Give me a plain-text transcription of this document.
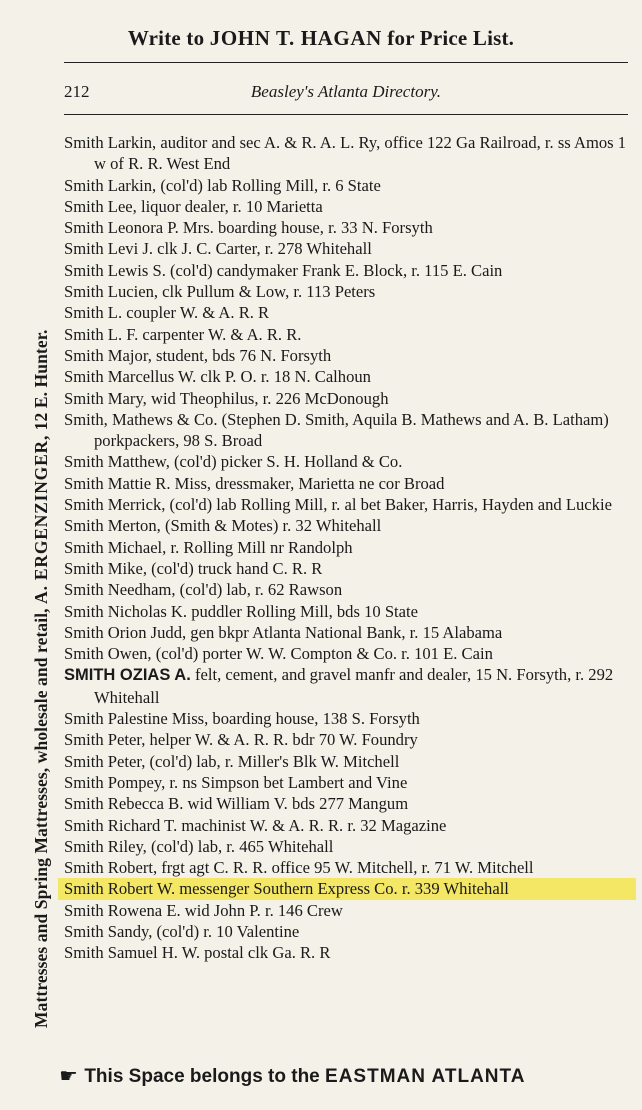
Write to JOHN T. HAGAN for Price List.
212	Beasley's Atlanta Directory.
Mattresses and Spring Mattresses, wholesale and retail, A. ERGENZINGER, 12 E. Hunter.
Smith Larkin, auditor and sec A. & R. A. L. Ry, office 122 Ga Railroad, r. ss Amos 1 w of R. R. West End
Smith Larkin, (col'd) lab Rolling Mill, r. 6 State
Smith Lee, liquor dealer, r. 10 Marietta
Smith Leonora P. Mrs. boarding house, r. 33 N. Forsyth
Smith Levi J. clk J. C. Carter, r. 278 Whitehall
Smith Lewis S. (col'd) candymaker Frank E. Block, r. 115 E. Cain
Smith Lucien, clk Pullum & Low, r. 113 Peters
Smith L. coupler W. & A. R. R
Smith L. F. carpenter W. & A. R. R.
Smith Major, student, bds 76 N. Forsyth
Smith Marcellus W. clk P. O. r. 18 N. Calhoun
Smith Mary, wid Theophilus, r. 226 McDonough
Smith, Mathews & Co. (Stephen D. Smith, Aquila B. Mathews and A. B. Latham) porkpackers, 98 S. Broad
Smith Matthew, (col'd) picker S. H. Holland & Co.
Smith Mattie R. Miss, dressmaker, Marietta ne cor Broad
Smith Merrick, (col'd) lab Rolling Mill, r. al bet Baker, Harris, Hayden and Luckie
Smith Merton, (Smith & Motes) r. 32 Whitehall
Smith Michael, r. Rolling Mill nr Randolph
Smith Mike, (col'd) truck hand C. R. R
Smith Needham, (col'd) lab, r. 62 Rawson
Smith Nicholas K. puddler Rolling Mill, bds 10 State
Smith Orion Judd, gen bkpr Atlanta National Bank, r. 15 Alabama
Smith Owen, (col'd) porter W. W. Compton & Co. r. 101 E. Cain
SMITH OZIAS A. felt, cement, and gravel manfr and dealer, 15 N. Forsyth, r. 292 Whitehall
Smith Palestine Miss, boarding house, 138 S. Forsyth
Smith Peter, helper W. & A. R. R. bdr 70 W. Foundry
Smith Peter, (col'd) lab, r. Miller's Blk W. Mitchell
Smith Pompey, r. ns Simpson bet Lambert and Vine
Smith Rebecca B. wid William V. bds 277 Mangum
Smith Richard T. machinist W. & A. R. R. r. 32 Magazine
Smith Riley, (col'd) lab, r. 465 Whitehall
Smith Robert, frgt agt C. R. R. office 95 W. Mitchell, r. 71 W. Mitchell
Smith Robert W. messenger Southern Express Co. r. 339 Whitehall
Smith Rowena E. wid John P. r. 146 Crew
Smith Sandy, (col'd) r. 10 Valentine
Smith Samuel H. W. postal clk Ga. R. R
☛ This Space belongs to the EASTMAN ATLANTA
